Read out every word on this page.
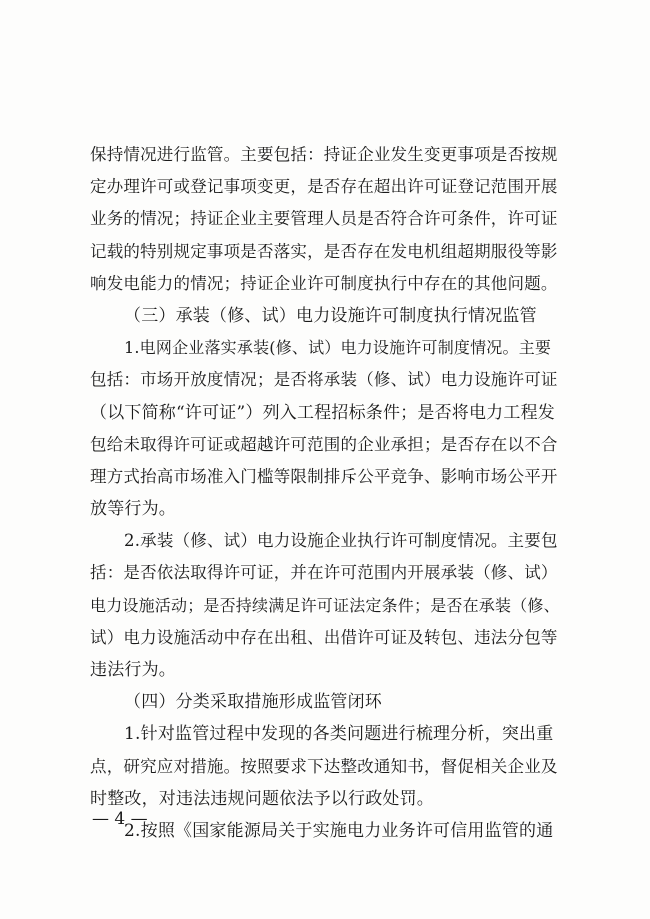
保持情况进行监管。主要包括：持证企业发生变更事项是否按规
定办理许可或登记事项变更，是否存在超出许可证登记范围开展
业务的情况；持证企业主要管理人员是否符合许可条件，许可证
记载的特别规定事项是否落实，是否存在发电机组超期服役等影
响发电能力的情况；持证企业许可制度执行中存在的其他问题。
（三）承装（修、试）电力设施许可制度执行情况监管
1.电网企业落实承装(修、试）电力设施许可制度情况。主要
包括：市场开放度情况；是否将承装（修、试）电力设施许可证
（以下简称“许可证”）列入工程招标条件；是否将电力工程发
包给未取得许可证或超越许可范围的企业承担；是否存在以不合
理方式抬高市场准入门槛等限制排斥公平竞争、影响市场公平开
放等行为。
2.承装（修、试）电力设施企业执行许可制度情况。主要包
括：是否依法取得许可证，并在许可范围内开展承装（修、试）
电力设施活动；是否持续满足许可证法定条件；是否在承装（修、
试）电力设施活动中存在出租、出借许可证及转包、违法分包等
违法行为。
（四）分类采取措施形成监管闭环
1.针对监管过程中发现的各类问题进行梳理分析，突出重
点，研究应对措施。按照要求下达整改通知书，督促相关企业及
时整改，对违法违规问题依法予以行政处罚。
2.按照《国家能源局关于实施电力业务许可信用监管的通
— 4 —
